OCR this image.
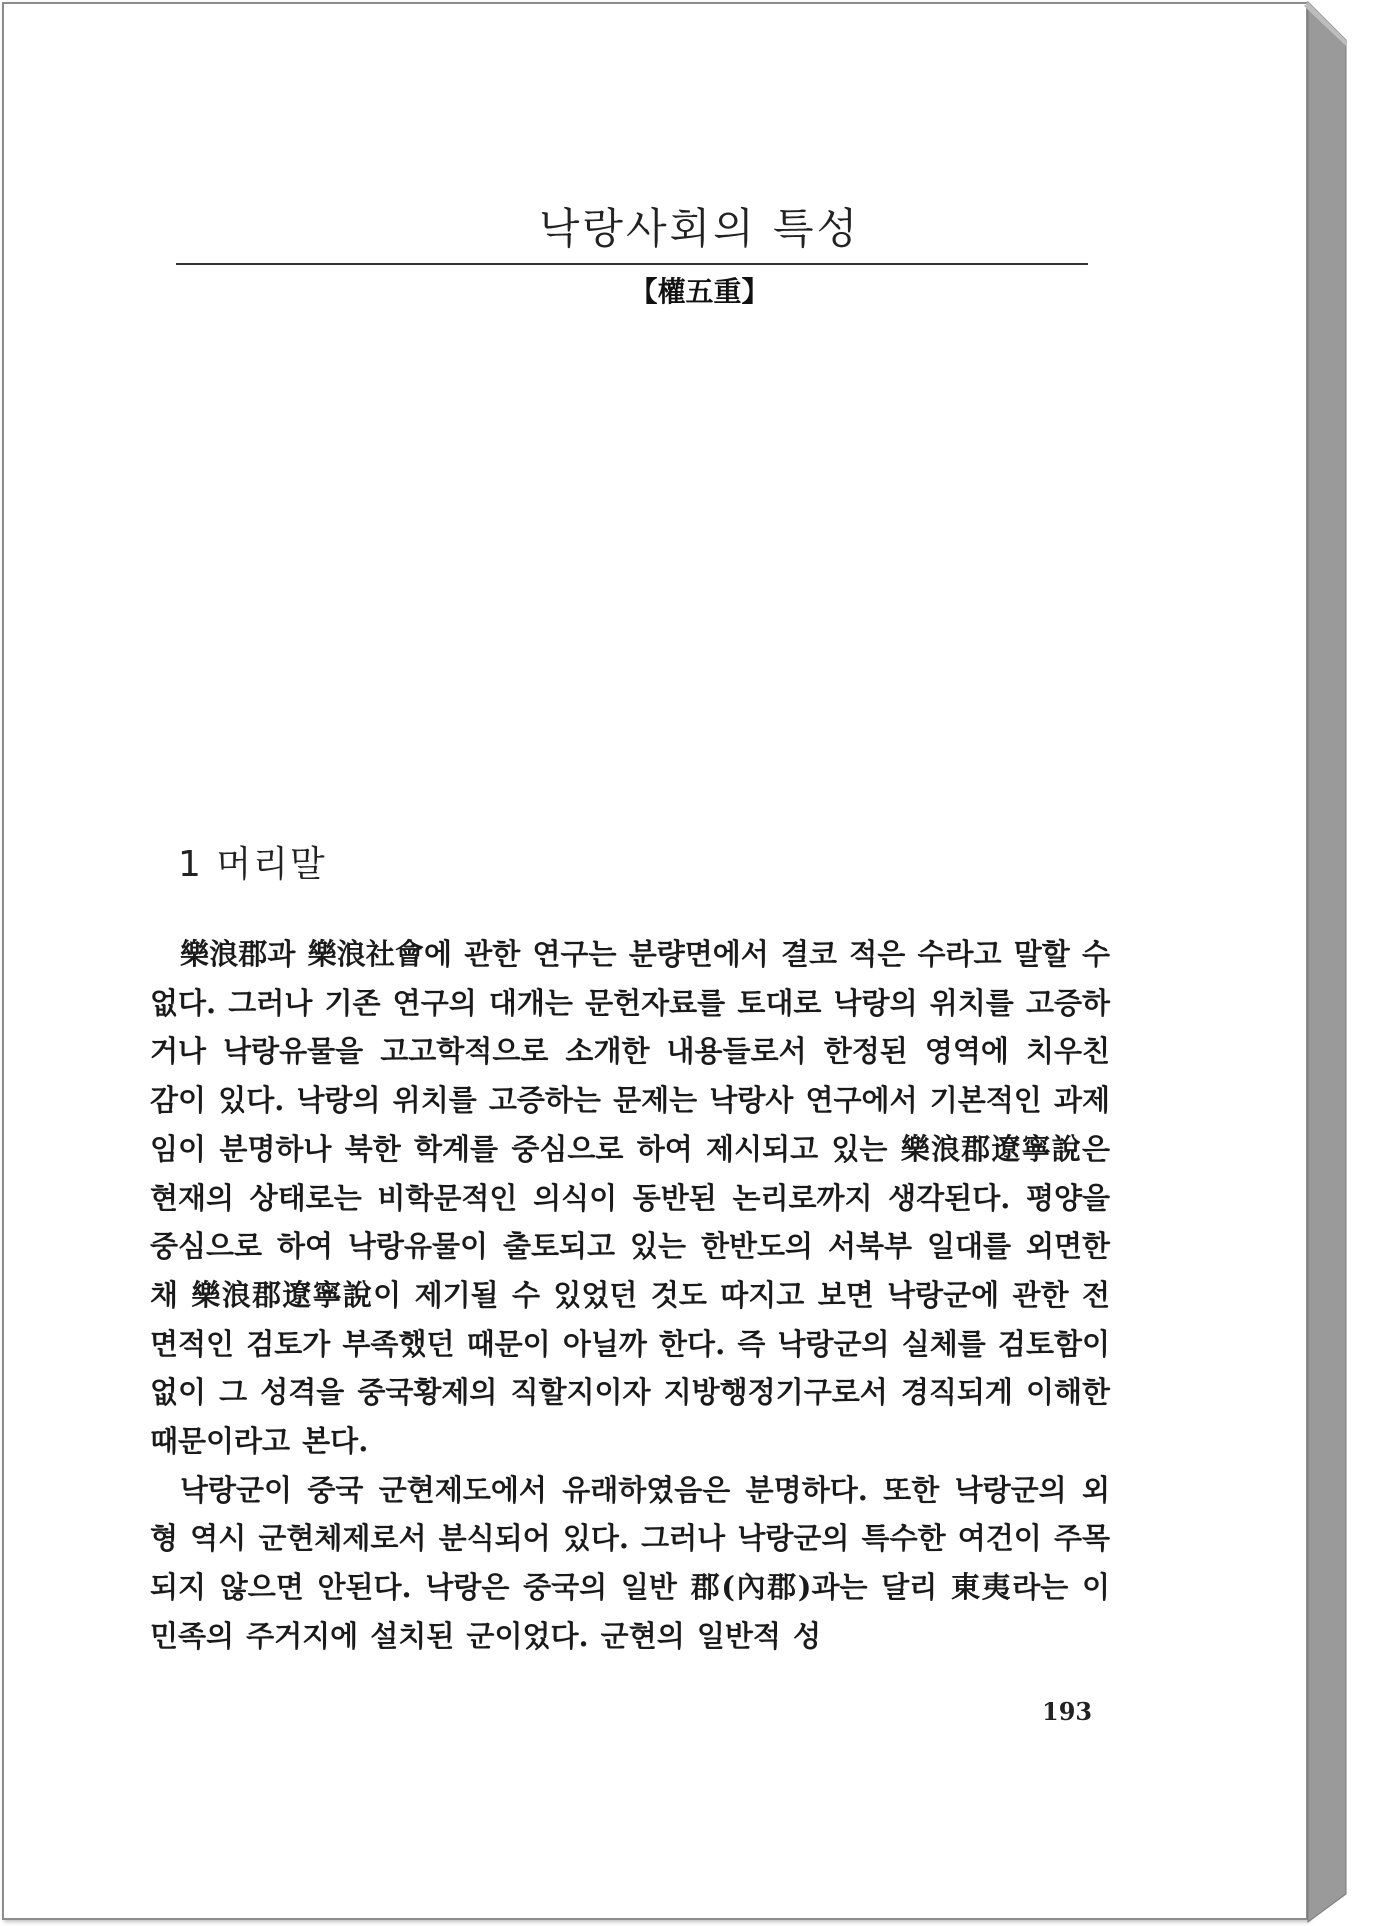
낙랑사회의 특성
【權五重】
1 머리말

樂浪郡과 樂浪社會에 관한 연구는 분량면에서 결코 적은 수라고 말할 수 없다. 그러나 기존 연구의 대개는 문헌자료를 토대로 낙랑의 위치를 고증하거나 낙랑유물을 고고학적으로 소개한 내용들로서 한정된 영역에 치우친 감이 있다. 낙랑의 위치를 고증하는 문제는 낙랑사 연구에서 기본적인 과제임이 분명하나 북한 학계를 중심으로 하여 제시되고 있는 樂浪郡遼寧說은 현재의 상태로는 비학문적인 의식이 동반된 논리로까지 생각된다. 평양을 중심으로 하여 낙랑유물이 출토되고 있는 한반도의 서북부 일대를 외면한 채 樂浪郡遼寧說이 제기될 수 있었던 것도 따지고 보면 낙랑군에 관한 전면적인 검토가 부족했던 때문이 아닐까 한다. 즉 낙랑군의 실체를 검토함이 없이 그 성격을 중국황제의 직할지이자 지방행정기구로서 경직되게 이해한 때문이라고 본다.

낙랑군이 중국 군현제도에서 유래하였음은 분명하다. 또한 낙랑군의 외형 역시 군현체제로서 분식되어 있다. 그러나 낙랑군의 특수한 여건이 주목되지 않으면 안된다. 낙랑은 중국의 일반 郡(內郡)과는 달리 東夷라는 이민족의 주거지에 설치된 군이었다. 군현의 일반적 성

193
